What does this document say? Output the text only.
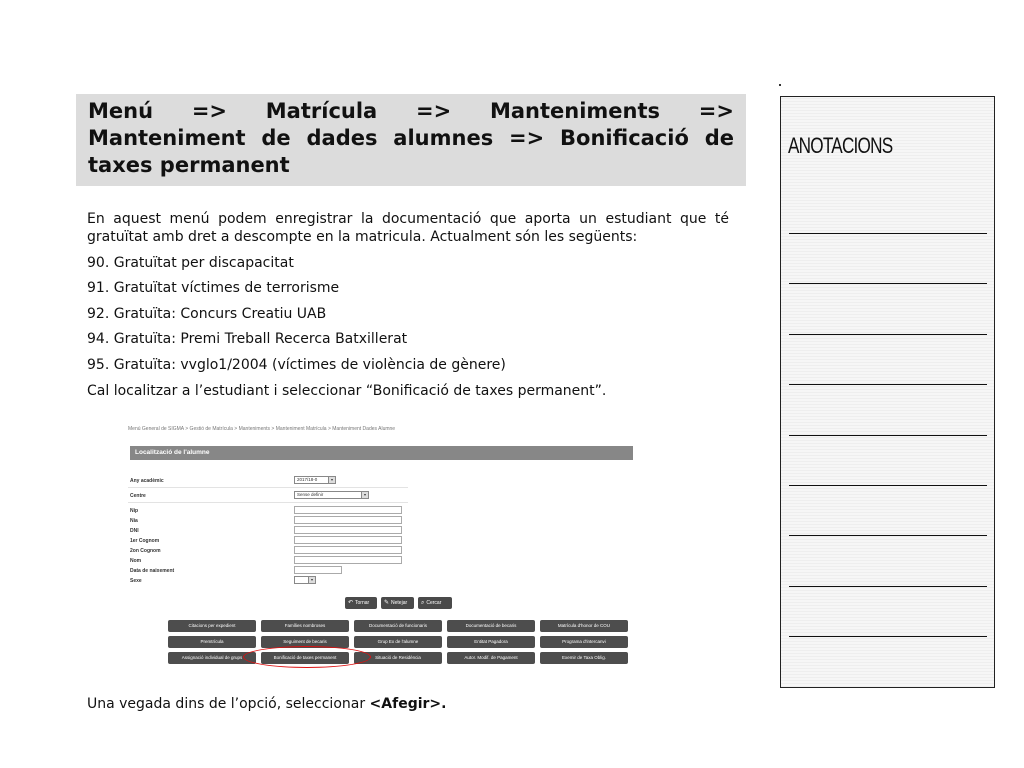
Menú => Matrícula => Manteniments => Manteniment de dades alumnes => Bonificació de taxes permanent

En aquest menú podem enregistrar la documentació que aporta un estudiant que té gratuïtat amb dret a descompte en la matricula. Actualment són les següents:

90. Gratuïtat per discapacitat

91. Gratuïtat víctimes de terrorisme

92. Gratuïta: Concurs Creatiu UAB

94. Gratuïta: Premi Treball Recerca Batxillerat

95. Gratuïta: vvglo1/2004 (víctimes de violència de gènere)

Cal localitzar a l’estudiant i seleccionar “Bonificació de taxes permanent”.

Menú General de SIGMA > Gestió de Matrícula > Manteniments > Manteniment Matrícula > Manteniment Dades Alumne
Localització de l'alumne
Any acadèmic	2017/18-0	▾
Centre	Sense definir	▾
Nip
Nia
DNI
1er Cognom
2on Cognom
Nom
Data de naixement
Sexe	▾
↶ Tornar	✎ Netejar	⌕ Cercar
Citacions per expedient	Famílies nombroses	Documentació de funcionaris	Documentació de becaris	Matrícula d'honor de COU
Premtrícula	Seguiment de becaris	Grup Ex de l'alumne	Entitat Pagadora	Programa d'intercanvi
Assignació individual de grups	Bonificació de taxes permanent	Situació de Residència	Autor. Modif. de Pagament	Exemir de Taxa Oblig.
Una vegada dins de l’opció, seleccionar <Afegir>.
ANOTACIONS
